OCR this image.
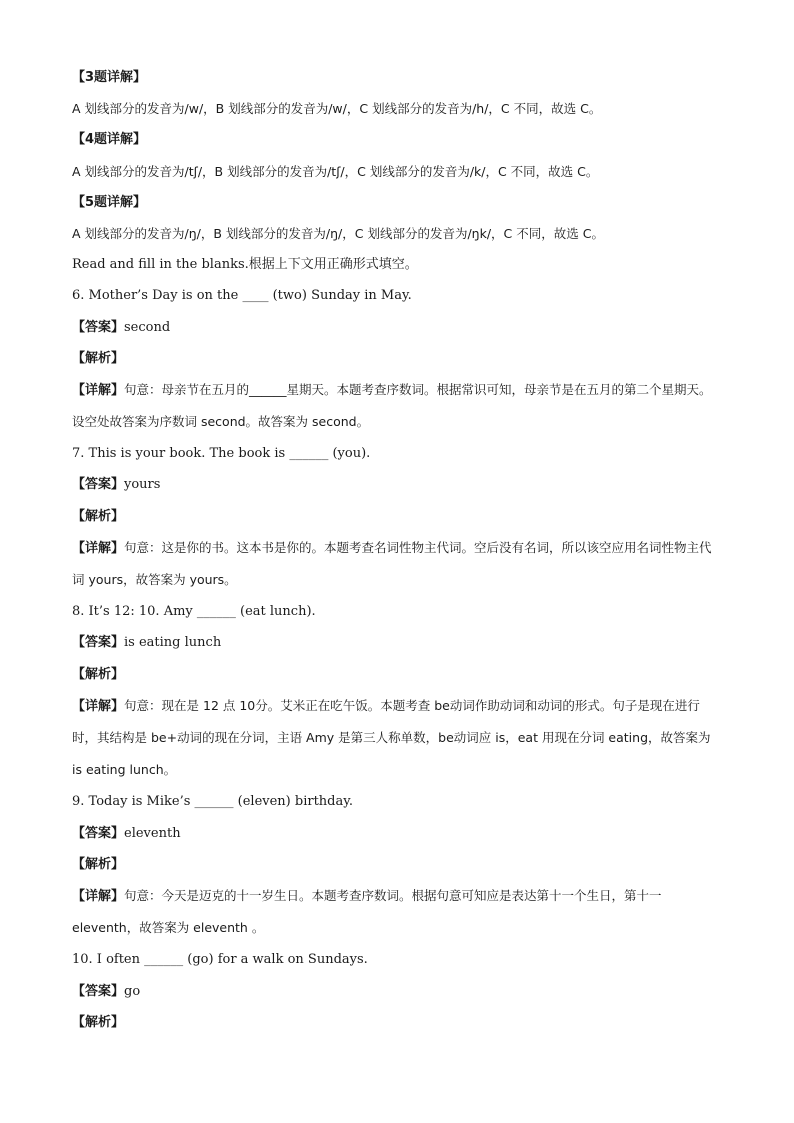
【3题详解】
A 划线部分的发音为/w/，B 划线部分的发音为/w/，C 划线部分的发音为/h/，C 不同，故选 C。
【4题详解】
A 划线部分的发音为/tʃ/，B 划线部分的发音为/tʃ/，C 划线部分的发音为/k/，C 不同，故选 C。
【5题详解】
A 划线部分的发音为/ŋ/，B 划线部分的发音为/ŋ/，C 划线部分的发音为/ŋk/，C 不同，故选 C。
Read and fill in the blanks.根据上下文用正确形式填空。
6. Mother’s Day is on the ____ (two) Sunday in May.
【答案】second
【解析】
【详解】句意：母亲节在五月的______星期天。本题考查序数词。根据常识可知，母亲节是在五月的第二个星期天。设空处故答案为序数词 second。故答案为 second。
7. This is your book. The book is ______ (you).
【答案】yours
【解析】
【详解】句意：这是你的书。这本书是你的。本题考查名词性物主代词。空后没有名词，所以该空应用名词性物主代词 yours，故答案为 yours。
8. It’s 12: 10. Amy ______ (eat lunch).
【答案】is eating lunch
【解析】
【详解】句意：现在是 12 点 10分。艾米正在吃午饭。本题考查 be动词作助动词和动词的形式。句子是现在进行时，其结构是 be+动词的现在分词，主语 Amy 是第三人称单数，be动词应 is，eat 用现在分词 eating，故答案为 is eating lunch。
9. Today is Mike’s ______ (eleven) birthday.
【答案】eleventh
【解析】
【详解】句意：今天是迈克的十一岁生日。本题考查序数词。根据句意可知应是表达第十一个生日，第十一 eleventh，故答案为 eleventh 。
10. I often ______ (go) for a walk on Sundays.
【答案】go
【解析】
